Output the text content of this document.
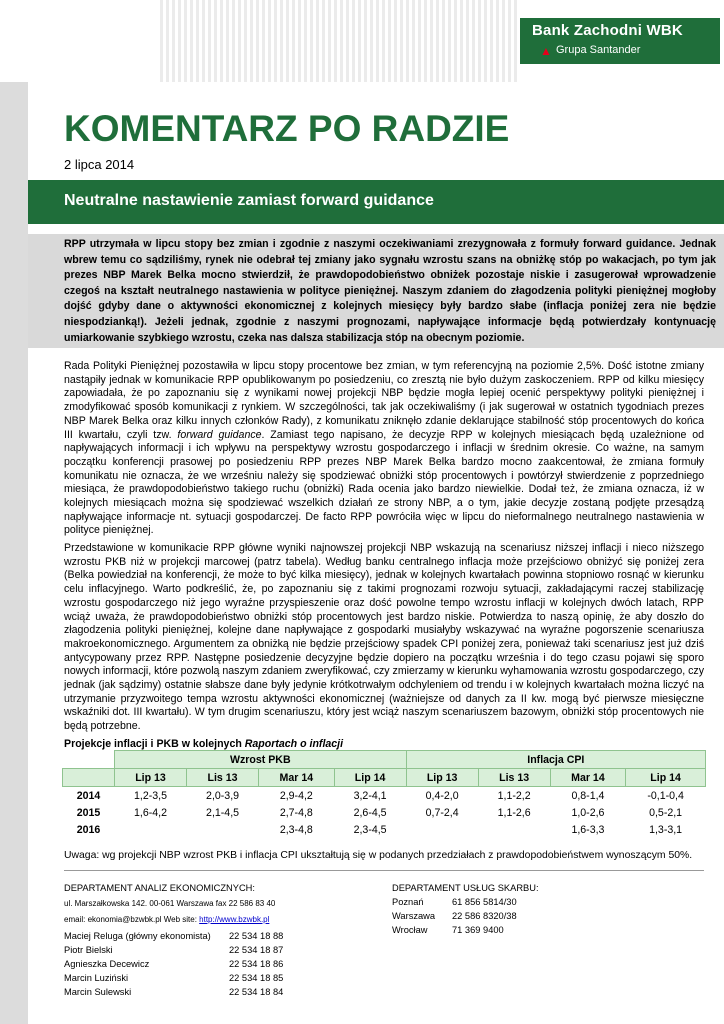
Bank Zachodni WBK
▲ Grupa Santander
KOMENTARZ PO RADZIE
2 lipca 2014
Neutralne nastawienie zamiast forward guidance

RPP utrzymała w lipcu stopy bez zmian i zgodnie z naszymi oczekiwaniami zrezygnowała z formuły forward guidance. Jednak wbrew temu co sądziliśmy, rynek nie odebrał tej zmiany jako sygnału wzrostu szans na obniżkę stóp po wakacjach, po tym jak prezes NBP Marek Belka mocno stwierdził, że prawdopodobieństwo obniżek pozostaje niskie i zasugerował wprowadzenie czegoś na kształt neutralnego nastawienia w polityce pieniężnej. Naszym zdaniem do złagodzenia polityki pieniężnej mogłoby dojść gdyby dane o aktywności ekonomicznej z kolejnych miesięcy były bardzo słabe (inflacja poniżej zera nie będzie niespodzianką!). Jeżeli jednak, zgodnie z naszymi prognozami, napływające informacje będą potwierdzały kontynuację umiarkowanie szybkiego wzrostu, czeka nas dalsza stabilizacja stóp na obecnym poziomie.

Rada Polityki Pieniężnej pozostawiła w lipcu stopy procentowe bez zmian, w tym referencyjną na poziomie 2,5%. Dość istotne zmiany nastąpiły jednak w komunikacie RPP opublikowanym po posiedzeniu, co zresztą nie było dużym zaskoczeniem. RPP od kilku miesięcy zapowiadała, że po zapoznaniu się z wynikami nowej projekcji NBP będzie mogła lepiej ocenić perspektywy polityki pieniężnej i zmodyfikować sposób komunikacji z rynkiem. W szczególności, tak jak oczekiwaliśmy (i jak sugerował w ostatnich tygodniach prezes NBP Marek Belka oraz kilku innych członków Rady), z komunikatu zniknęło zdanie deklarujące stabilność stóp procentowych do końca III kwartału, czyli tzw. forward guidance. Zamiast tego napisano, że decyzje RPP w kolejnych miesiącach będą uzależnione od napływających informacji i ich wpływu na perspektywy wzrostu gospodarczego i inflacji w średnim okresie. Co ważne, na samym początku konferencji prasowej po posiedzeniu RPP prezes NBP Marek Belka bardzo mocno zaakcentował, że zmiana formuły komunikatu nie oznacza, że we wrześniu należy się spodziewać obniżki stóp procentowych i powtórzył stwierdzenie z poprzedniego miesiąca, że prawdopodobieństwo takiego ruchu (obniżki) Rada ocenia jako bardzo niewielkie. Dodał też, że zmiana oznacza, iż w kolejnych miesiącach można się spodziewać wszelkich działań ze strony NBP, a o tym, jakie decyzje zostaną podjęte przesądzą napływające informacje nt. sytuacji gospodarczej. De facto RPP powróciła więc w lipcu do nieformalnego neutralnego nastawienia w polityce pieniężnej.
Przedstawione w komunikacie RPP główne wyniki najnowszej projekcji NBP wskazują na scenariusz niższej inflacji i nieco niższego wzrostu PKB niż w projekcji marcowej (patrz tabela). Według banku centralnego inflacja może przejściowo obniżyć się poniżej zera (Belka powiedział na konferencji, że może to być kilka miesięcy), jednak w kolejnych kwartałach powinna stopniowo rosnąć w kierunku celu inflacyjnego. Warto podkreślić, że, po zapoznaniu się z takimi prognozami rozwoju sytuacji, zakładającymi raczej stabilizację wzrostu gospodarczego niż jego wyraźne przyspieszenie oraz dość powolne tempo wzrostu inflacji w kolejnych dwóch latach, RPP wciąż uważa, że prawdopodobieństwo obniżki stóp procentowych jest bardzo niskie. Potwierdza to naszą opinię, że aby doszło do złagodzenia polityki pieniężnej, kolejne dane napływające z gospodarki musiałyby wskazywać na wyraźne pogorszenie scenariusza makroekonomicznego. Argumentem za obniżką nie będzie przejściowy spadek CPI poniżej zera, ponieważ taki scenariusz jest już dziś antycypowany przez RPP. Następne posiedzenie decyzyjne będzie dopiero na początku września i do tego czasu pojawi się sporo nowych informacji, które pozwolą naszym zdaniem zweryfikować, czy zmierzamy w kierunku wyhamowania wzrostu gospodarczego, czy jednak (jak sądzimy) ostatnie słabsze dane były jedynie krótkotrwałym odchyleniem od trendu i w kolejnych kwartałach można liczyć na utrzymanie przyzwoitego tempa wzrostu aktywności ekonomicznej (ważniejsze od danych za II kw. mogą być pierwsze miesięczne wskaźniki dot. III kwartału). W tym drugim scenariuszu, który jest wciąż naszym scenariuszem bazowym, obniżki stóp procentowych nie będą potrzebne.
Projekcje inflacji i PKB w kolejnych Raportach o inflacji
	Wzrost PKB				Inflacja CPI			
	Lip 13	Lis 13	Mar 14	Lip 14	Lip 13	Lis 13	Mar 14	Lip 14
2014	1,2-3,5	2,0-3,9	2,9-4,2	3,2-4,1	0,4-2,0	1,1-2,2	0,8-1,4	-0,1-0,4
2015	1,6-4,2	2,1-4,5	2,7-4,8	2,6-4,5	0,7-2,4	1,1-2,6	1,0-2,6	0,5-2,1
2016			2,3-4,8	2,3-4,5			1,6-3,3	1,3-3,1
Uwaga: wg projekcji NBP wzrost PKB i inflacja CPI ukształtują się w podanych przedziałach z prawdopodobieństwem wynoszącym 50%.
DEPARTAMENT ANALIZ EKONOMICZNYCH:
ul. Marszałkowska 142. 00-061 Warszawa fax 22 586 83 40
email: ekonomia@bzwbk.pl Web site: http://www.bzwbk.pl
Maciej Reluga (główny ekonomista) 22 534 18 88
Piotr Bielski	22 534 18 87
Agnieszka Decewicz	22 534 18 86
Marcin Luziński	22 534 18 85
Marcin Sulewski	22 534 18 84
DEPARTAMENT USŁUG SKARBU:
Poznań	61 856 5814/30
Warszawa 22 586 8320/38
Wrocław	71 369 9400
